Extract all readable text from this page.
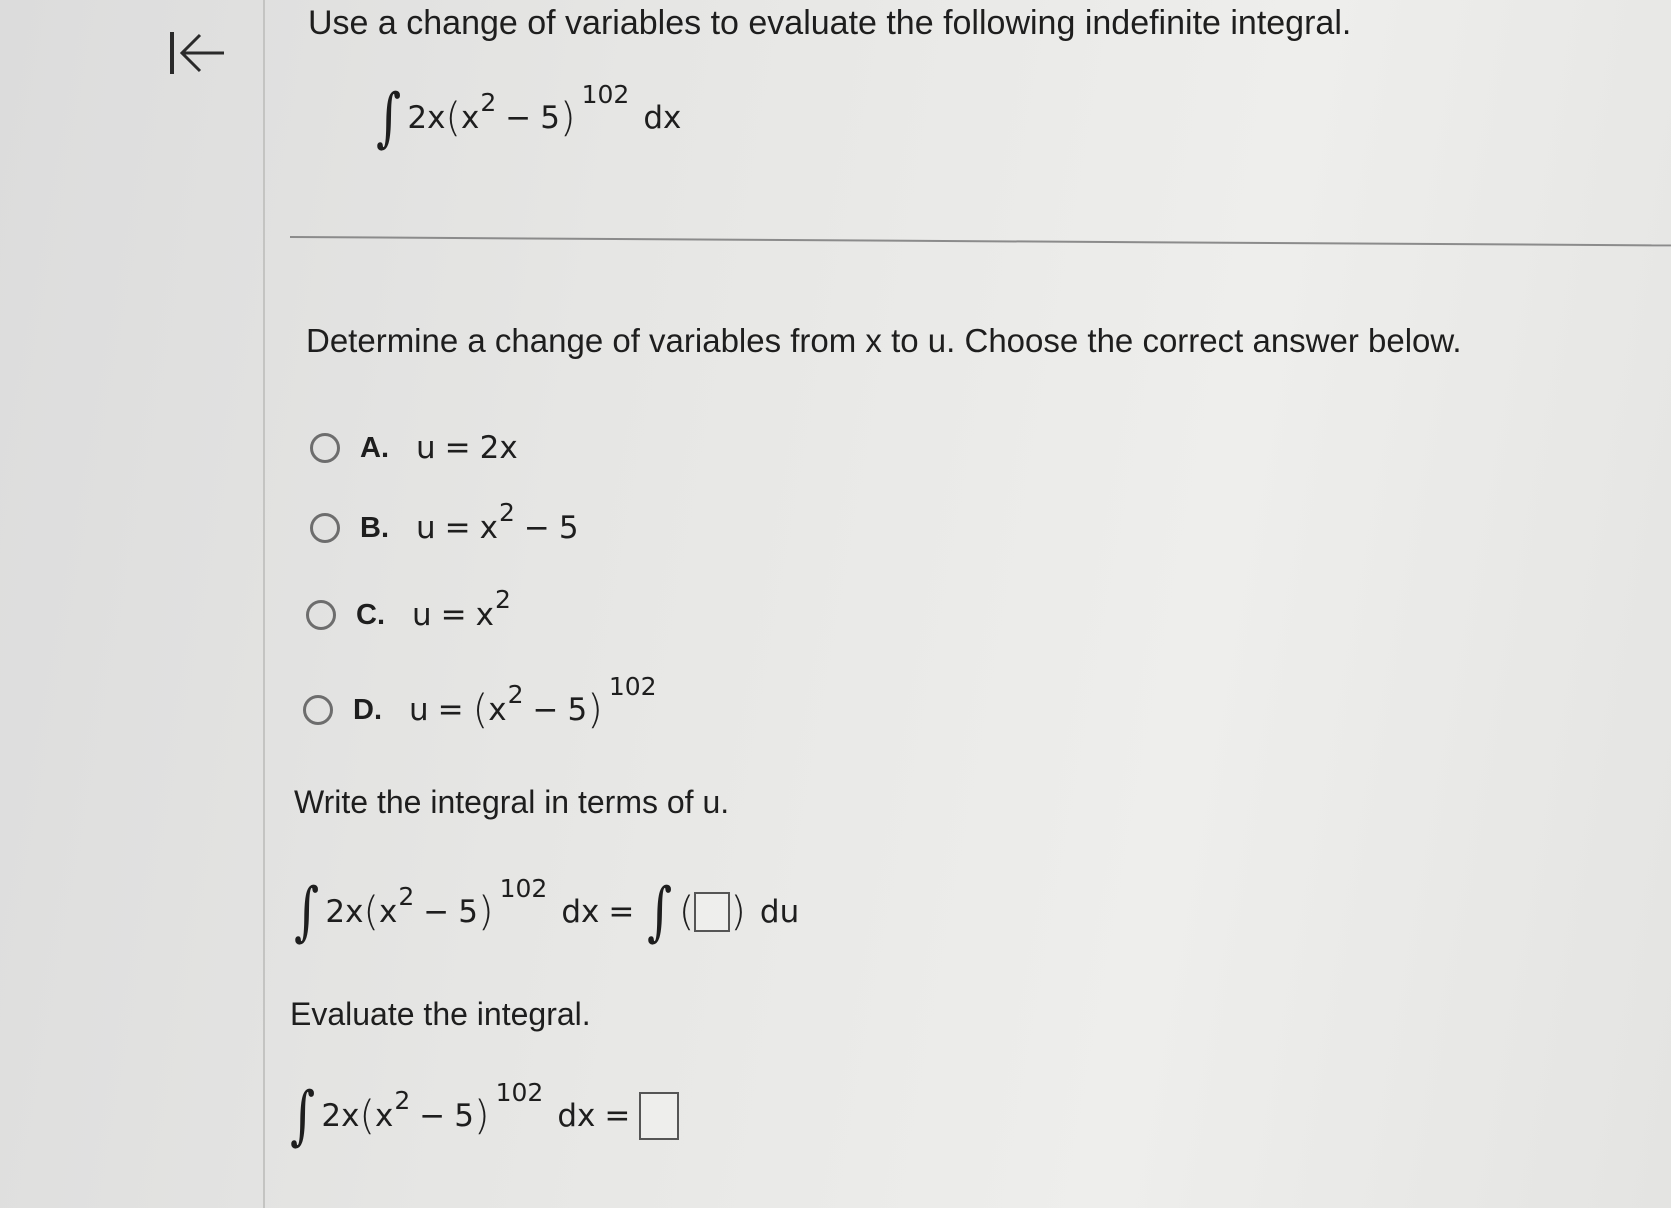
Use a change of variables to evaluate the following indefinite integral.
∫ 2x ( x 2 − 5 )
102
dx
Determine a change of variables from x to u. Choose the correct answer below.
A. u = 2x
B. u = x 2 − 5
C. u = x 2
D. u = ( x 2 − 5 )
102
Write the integral in terms of u.
∫ 2x ( x 2 − 5 )
102
dx = ∫ ( ) du
Evaluate the integral.
∫ 2x ( x 2 − 5 )
102
dx =
